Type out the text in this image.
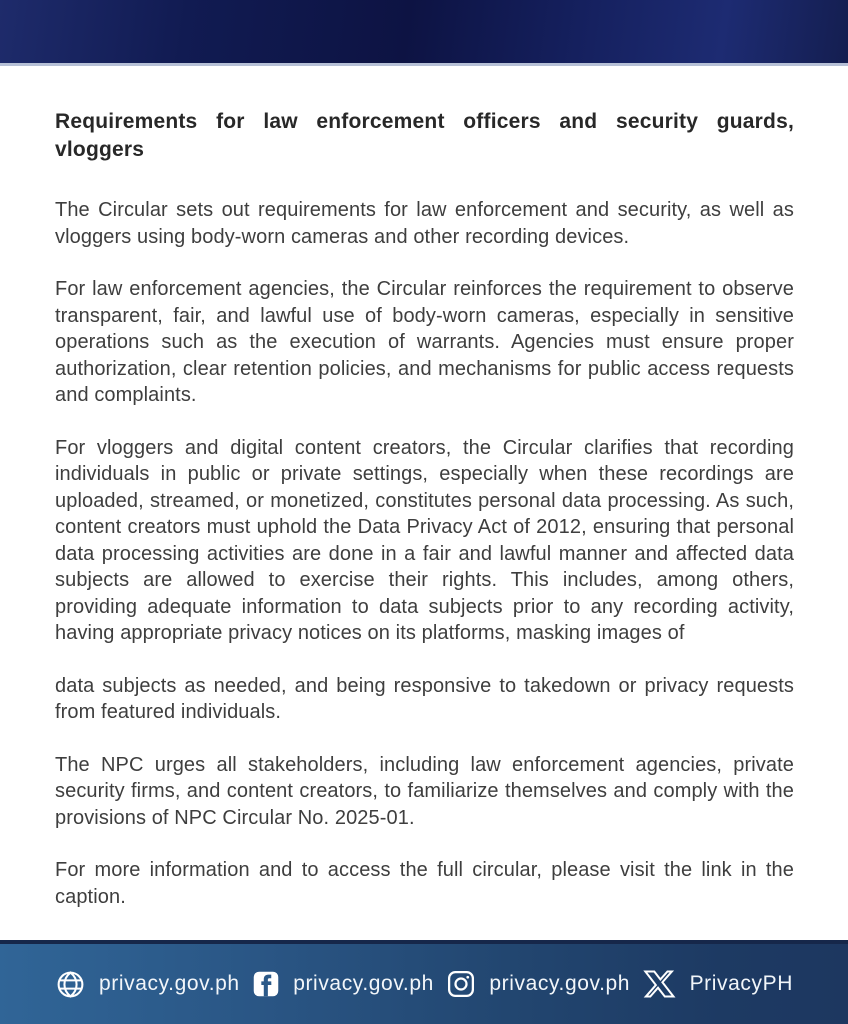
Requirements for law enforcement officers and security guards, vloggers

The Circular sets out requirements for law enforcement and security, as well as vloggers using body-worn cameras and other recording devices.

For law enforcement agencies, the Circular reinforces the requirement to observe transparent, fair, and lawful use of body-worn cameras, especially in sensitive operations such as the execution of warrants. Agencies must ensure proper authorization, clear retention policies, and mechanisms for public access requests and complaints.

For vloggers and digital content creators, the Circular clarifies that recording individuals in public or private settings, especially when these recordings are uploaded, streamed, or monetized, constitutes personal data processing. As such, content creators must uphold the Data Privacy Act of 2012, ensuring that personal data processing activities are done in a fair and lawful manner and affected data subjects are allowed to exercise their rights. This includes, among others, providing adequate information to data subjects prior to any recording activity, having appropriate privacy notices on its platforms, masking images of

data subjects as needed, and being responsive to takedown or privacy requests from featured individuals.

The NPC urges all stakeholders, including law enforcement agencies, private security firms, and content creators, to familiarize themselves and comply with the provisions of NPC Circular No. 2025-01.

For more information and to access the full circular, please visit the link in the caption.

privacy.gov.ph	privacy.gov.ph	privacy.gov.ph	PrivacyPH
